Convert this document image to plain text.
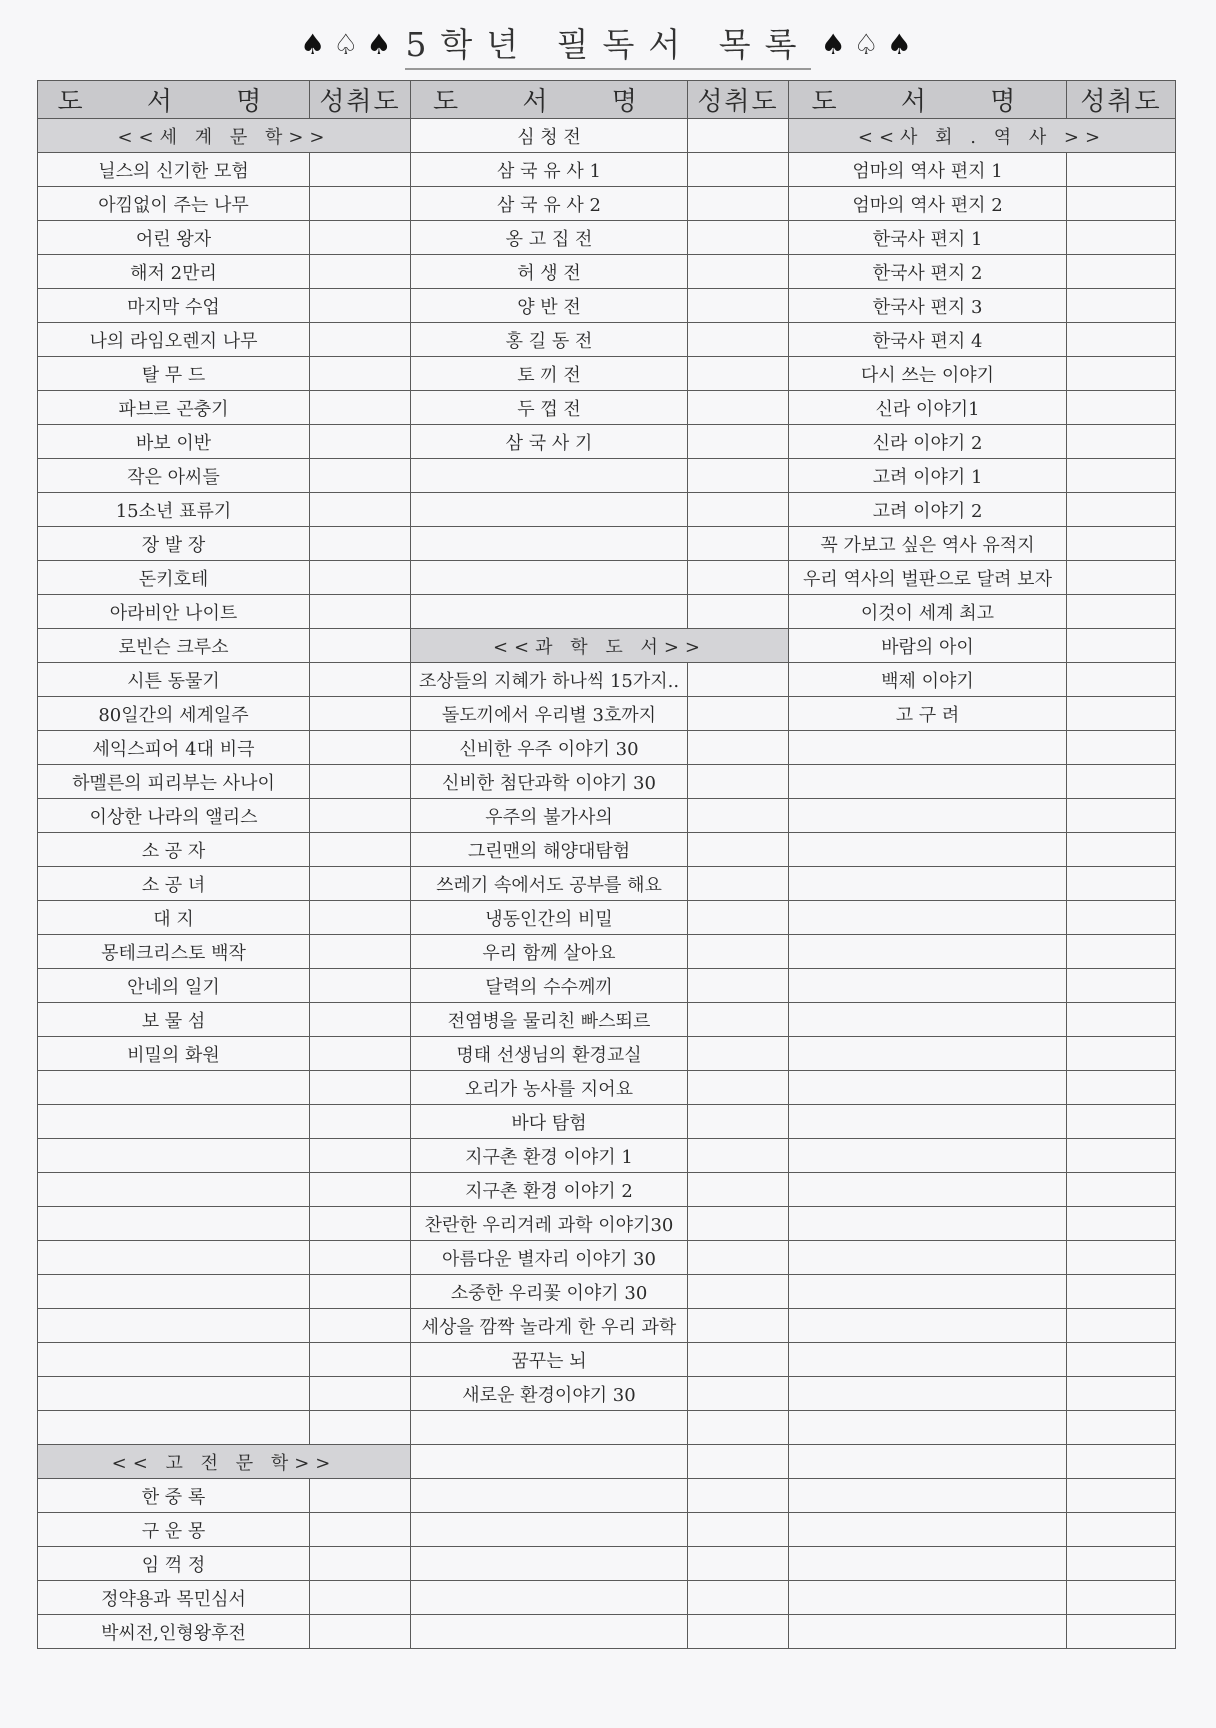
♠ ♤ ♠ 5학년 필독서 목록 ♠ ♤ ♠
도 서 명	성취도	도 서 명	성취도	도 서 명	성취도
<<세 계 문 학>>		심 청 전		<<사 회 . 역 사 >>	
닐스의 신기한 모험		삼 국 유 사 1		엄마의 역사 편지 1	
아낌없이 주는 나무		삼 국 유 사 2		엄마의 역사 편지 2	
어린 왕자		옹 고 집 전		한국사 편지 1	
해저 2만리		허 생 전		한국사 편지 2	
마지막 수업		양 반 전		한국사 편지 3	
나의 라임오렌지 나무		홍 길 동 전		한국사 편지 4	
탈 무 드		토 끼 전		다시 쓰는 이야기	
파브르 곤충기		두 껍 전		신라 이야기1	
바보 이반		삼 국 사 기		신라 이야기 2	
작은 아씨들				고려 이야기 1	
15소년 표류기				고려 이야기 2	
장 발 장				꼭 가보고 싶은 역사 유적지	
돈키호테				우리 역사의 벌판으로 달려 보자	
아라비안 나이트				이것이 세계 최고	
로빈슨 크루소		<<과 학 도 서>>		바람의 아이	
시튼 동물기		조상들의 지혜가 하나씩 15가지..		백제 이야기	
80일간의 세계일주		돌도끼에서 우리별 3호까지		고 구 려	
세익스피어 4대 비극		신비한 우주 이야기 30			
하멜른의 피리부는 사나이		신비한 첨단과학 이야기 30			
이상한 나라의 앨리스		우주의 불가사의			
소 공 자		그린맨의 해양대탐험			
소 공 녀		쓰레기 속에서도 공부를 해요			
대 지		냉동인간의 비밀			
몽테크리스토 백작		우리 함께 살아요			
안네의 일기		달력의 수수께끼			
보 물 섬		전염병을 물리친 빠스뙤르			
비밀의 화원		명태 선생님의 환경교실			
		오리가 농사를 지어요			
		바다 탐험			
		지구촌 환경 이야기 1			
		지구촌 환경 이야기 2			
		찬란한 우리겨레 과학 이야기30			
		아름다운 별자리 이야기 30			
		소중한 우리꽃 이야기 30			
		세상을 깜짝 놀라게 한 우리 과학			
		꿈꾸는 뇌			
		새로운 환경이야기 30			

<< 고 전 문 학>>					
한 중 록					
구 운 몽					
임 꺽 정					
정약용과 목민심서					
박씨전,인형왕후전					
